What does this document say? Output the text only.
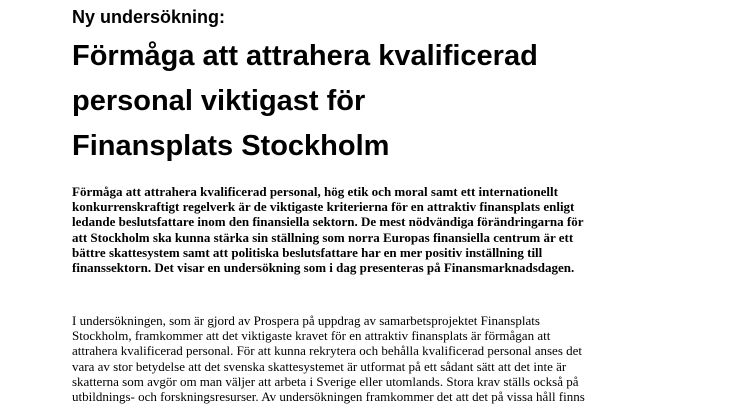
Ny undersökning:

Förmåga att attrahera kvalificerad
personal viktigast för
Finansplats Stockholm

Förmåga att attrahera kvalificerad personal, hög etik och moral samt ett internationellt
konkurrenskraftigt regelverk är de viktigaste kriterierna för en attraktiv finansplats enligt
ledande beslutsfattare inom den finansiella sektorn. De mest nödvändiga förändringarna för
att Stockholm ska kunna stärka sin ställning som norra Europas finansiella centrum är ett
bättre skattesystem samt att politiska beslutsfattare har en mer positiv inställning till
finanssektorn. Det visar en undersökning som i dag presenteras på Finansmarknadsdagen.

I undersökningen, som är gjord av Prospera på uppdrag av samarbetsprojektet Finansplats
Stockholm, framkommer att det viktigaste kravet för en attraktiv finansplats är förmågan att
attrahera kvalificerad personal. För att kunna rekrytera och behålla kvalificerad personal anses det
vara av stor betydelse att det svenska skattesystemet är utformat på ett sådant sätt att det inte är
skatterna som avgör om man väljer att arbeta i Sverige eller utomlands. Stora krav ställs också på
utbildnings- och forskningsresurser. Av undersökningen framkommer det att det på vissa håll finns
